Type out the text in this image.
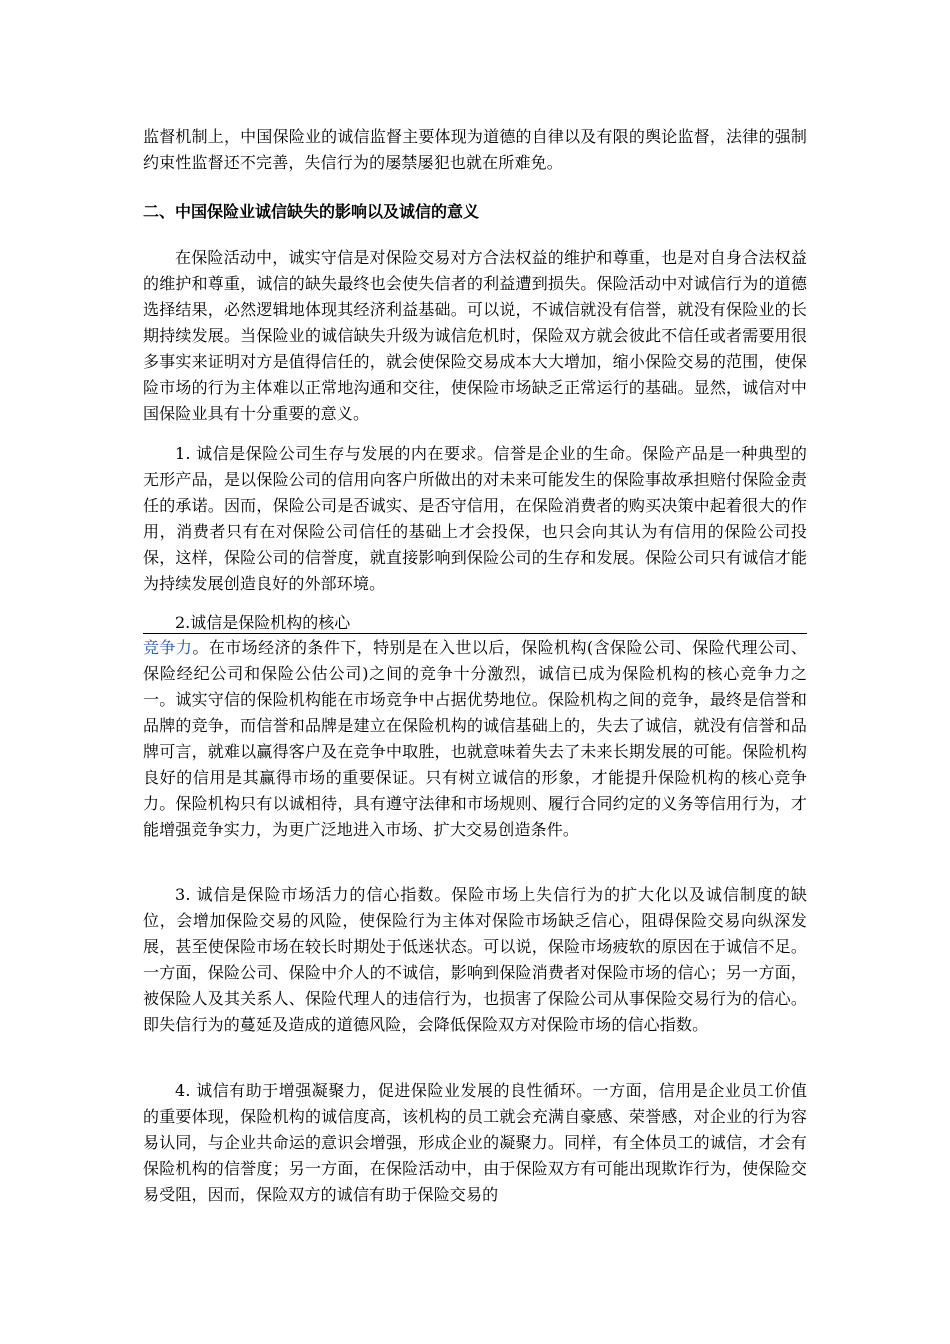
监督机制上，中国保险业的诚信监督主要体现为道德的自律以及有限的舆论监督，法律的强制约束性监督还不完善，失信行为的屡禁屡犯也就在所难免。

二、中国保险业诚信缺失的影响以及诚信的意义

在保险活动中，诚实守信是对保险交易对方合法权益的维护和尊重，也是对自身合法权益的维护和尊重，诚信的缺失最终也会使失信者的利益遭到损失。保险活动中对诚信行为的道德选择结果，必然逻辑地体现其经济利益基础。可以说，不诚信就没有信誉，就没有保险业的长期持续发展。当保险业的诚信缺失升级为诚信危机时，保险双方就会彼此不信任或者需要用很多事实来证明对方是值得信任的，就会使保险交易成本大大增加，缩小保险交易的范围，使保险市场的行为主体难以正常地沟通和交往，使保险市场缺乏正常运行的基础。显然，诚信对中国保险业具有十分重要的意义。

1. 诚信是保险公司生存与发展的内在要求。信誉是企业的生命。保险产品是一种典型的无形产品，是以保险公司的信用向客户所做出的对未来可能发生的保险事故承担赔付保险金责任的承诺。因而，保险公司是否诚实、是否守信用，在保险消费者的购买决策中起着很大的作用，消费者只有在对保险公司信任的基础上才会投保，也只会向其认为有信用的保险公司投保，这样，保险公司的信誉度，就直接影响到保险公司的生存和发展。保险公司只有诚信才能为持续发展创造良好的外部环境。

2.诚信是保险机构的核心

竞争力。在市场经济的条件下，特别是在入世以后，保险机构(含保险公司、保险代理公司、保险经纪公司和保险公估公司)之间的竞争十分激烈，诚信已成为保险机构的核心竞争力之一。诚实守信的保险机构能在市场竞争中占据优势地位。保险机构之间的竞争，最终是信誉和品牌的竞争，而信誉和品牌是建立在保险机构的诚信基础上的，失去了诚信，就没有信誉和品牌可言，就难以赢得客户及在竞争中取胜，也就意味着失去了未来长期发展的可能。保险机构良好的信用是其赢得市场的重要保证。只有树立诚信的形象，才能提升保险机构的核心竞争力。保险机构只有以诚相待，具有遵守法律和市场规则、履行合同约定的义务等信用行为，才能增强竞争实力，为更广泛地进入市场、扩大交易创造条件。

3. 诚信是保险市场活力的信心指数。保险市场上失信行为的扩大化以及诚信制度的缺位，会增加保险交易的风险，使保险行为主体对保险市场缺乏信心，阻碍保险交易向纵深发展，甚至使保险市场在较长时期处于低迷状态。可以说，保险市场疲软的原因在于诚信不足。一方面，保险公司、保险中介人的不诚信，影响到保险消费者对保险市场的信心；另一方面，被保险人及其关系人、保险代理人的违信行为，也损害了保险公司从事保险交易行为的信心。即失信行为的蔓延及造成的道德风险，会降低保险双方对保险市场的信心指数。

4. 诚信有助于增强凝聚力，促进保险业发展的良性循环。一方面，信用是企业员工价值的重要体现，保险机构的诚信度高，该机构的员工就会充满自豪感、荣誉感，对企业的行为容易认同，与企业共命运的意识会增强，形成企业的凝聚力。同样，有全体员工的诚信，才会有保险机构的信誉度；另一方面，在保险活动中，由于保险双方有可能出现欺诈行为，使保险交易受阻，因而，保险双方的诚信有助于保险交易的
